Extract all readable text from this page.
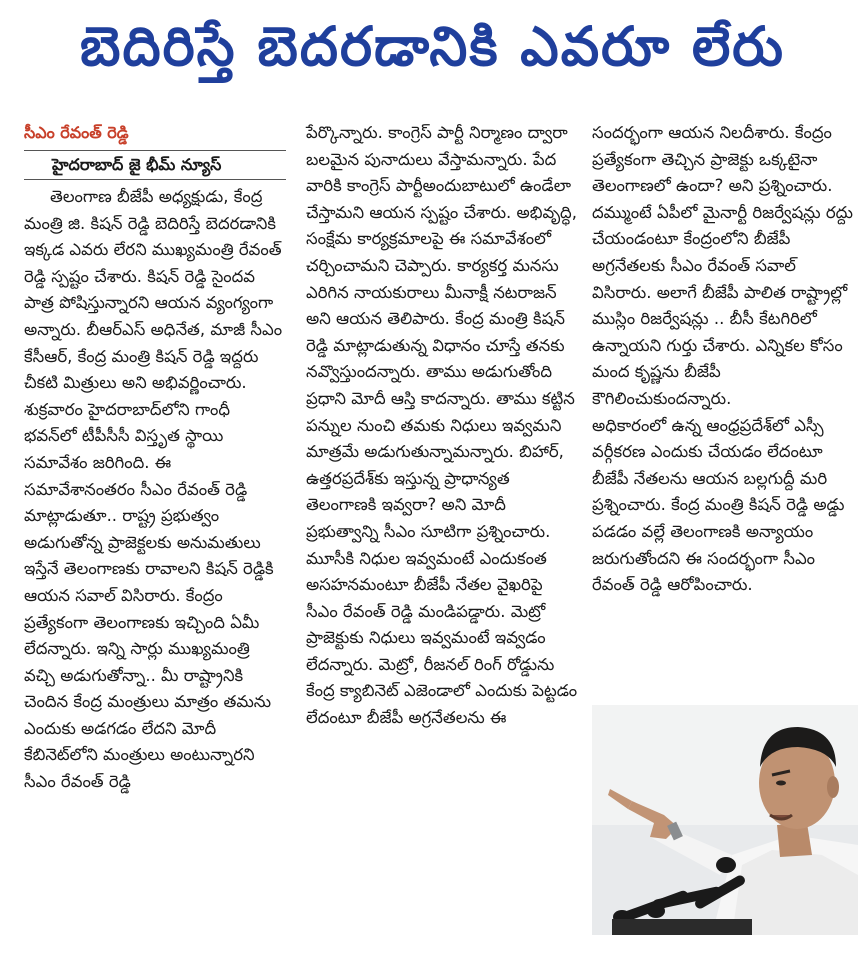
బెదిరిస్తే బెదరడానికి ఎవరూ లేరు
సీఎం రేవంత్ రెడ్డి
హైదరాబాద్ జై భీమ్ న్యూస్

తెలంగాణ బీజేపీ అధ్యక్షుడు, కేంద్ర మంత్రి జి. కిషన్ రెడ్డి బెదిరిస్తే బెదరడానికి ఇక్కడ ఎవరు లేరని ముఖ్యమంత్రి రేవంత్ రెడ్డి స్పష్టం చేశారు. కిషన్ రెడ్డి సైందవ పాత్ర పోషిస్తున్నారని ఆయన వ్యంగ్యంగా అన్నారు. బీఆర్ఎస్ అధినేత, మాజీ సీఎం కేసీఆర్, కేంద్ర మంత్రి కిషన్ రెడ్డి ఇద్దరు చీకటి మిత్రులు అని అభివర్ణించారు. శుక్రవారం హైదరాబాద్‌లోని గాంధీ భవన్‌లో టీపీసీసీ విస్తృత స్థాయి సమావేశం జరిగింది. ఈ సమావేశానంతరం సీఎం రేవంత్ రెడ్డి మాట్లాడుతూ.. రాష్ట్ర ప్రభుత్వం అడుగుతోన్న ప్రాజెక్టలకు అనుమతులు ఇస్తేనే తెలంగాణకు రావాలని కిషన్ రెడ్డికి ఆయన సవాల్ విసిరారు. కేంద్రం ప్రత్యేకంగా తెలంగాణకు ఇచ్చింది ఏమీ లేదన్నారు. ఇన్ని సార్లు ముఖ్యమంత్రి వచ్చి అడుగుతోన్నా.. మీ రాష్ట్రానికి చెందిన కేంద్ర మంత్రులు మాత్రం తమను ఎందుకు అడగడం లేదని మోదీ కేబినెట్‌లోని మంత్రులు అంటున్నారని సీఎం రేవంత్ రెడ్డి

పేర్కొన్నారు. కాంగ్రెస్ పార్టీ నిర్మాణం ద్వారా బలమైన పునాదులు వేస్తామన్నారు. పేద వారికి కాంగ్రెస్ పార్టీఅందుబాటులో ఉండేలా చేస్తామని ఆయన స్పష్టం చేశారు. అభివృద్ధి, సంక్షేమ కార్యక్రమాలపై ఈ సమావేశంలో చర్చించామని చెప్పారు. కార్యకర్త మనసు ఎరిగిన నాయకురాలు మీనాక్షీ నటరాజన్ అని ఆయన తెలిపారు. కేంద్ర మంత్రి కిషన్ రెడ్డి మాట్లాడుతున్న విధానం చూస్తే తనకు నవ్వొస్తుందన్నారు. తాము అడుగుతోంది ప్రధాని మోదీ ఆస్తి కాదన్నారు. తాము కట్టిన పన్నుల నుంచి తమకు నిధులు ఇవ్వమని మాత్రమే అడుగుతున్నామన్నారు. బిహార్, ఉత్తరప్రదేశ్‌కు ఇస్తున్న ప్రాధాన్యత తెలంగాణకి ఇవ్వరా? అని మోదీ ప్రభుత్వాన్ని సీఎం సూటిగా ప్రశ్నించారు. మూసీకి నిధుల ఇవ్వమంటే ఎందుకంత అసహనమంటూ బీజేపీ నేతల వైఖరిపై సీఎం రేవంత్ రెడ్డి మండిపడ్డారు. మెట్రో ప్రాజెక్టుకు నిధులు ఇవ్వమంటే ఇవ్వడం లేదన్నారు. మెట్రో, రీజనల్ రింగ్ రోడ్డును కేంద్ర క్యాబినెట్ ఎజెండాలో ఎందుకు పెట్టడం లేదంటూ బీజేపీ అగ్రనేతలను ఈ

సందర్భంగా ఆయన నిలదీశారు. కేంద్రం ప్రత్యేకంగా తెచ్చిన ప్రాజెక్టు ఒక్కటైనా తెలంగాణలో ఉందా? అని ప్రశ్నించారు. దమ్ముంటే ఏపీలో మైనార్టీ రిజర్వేషన్లు రద్దు చేయండంటూ కేంద్రంలోని బీజేపీ అగ్రనేతలకు సీఎం రేవంత్ సవాల్ విసిరారు. అలాగే బీజేపీ పాలిత రాష్ట్రాల్లో ముస్లిం రిజర్వేషన్లు .. బీసీ కేటగిరిలో ఉన్నాయని గుర్తు చేశారు. ఎన్నికల కోసం మంద కృష్ణను బీజేపీ కౌగిలించుకుందన్నారు.

అధికారంలో ఉన్న ఆంధ్రప్రదేశ్‌లో ఎస్సీ వర్గీకరణ ఎందుకు చేయడం లేదంటూ బీజేపీ నేతలను ఆయన బల్లగుద్దీ మరి ప్రశ్నించారు. కేంద్ర మంత్రి కిషన్ రెడ్డి అడ్డు పడడం వల్లే తెలంగాణకి అన్యాయం జరుగుతోందని ఈ సందర్భంగా సీఎం రేవంత్ రెడ్డి ఆరోపించారు.
